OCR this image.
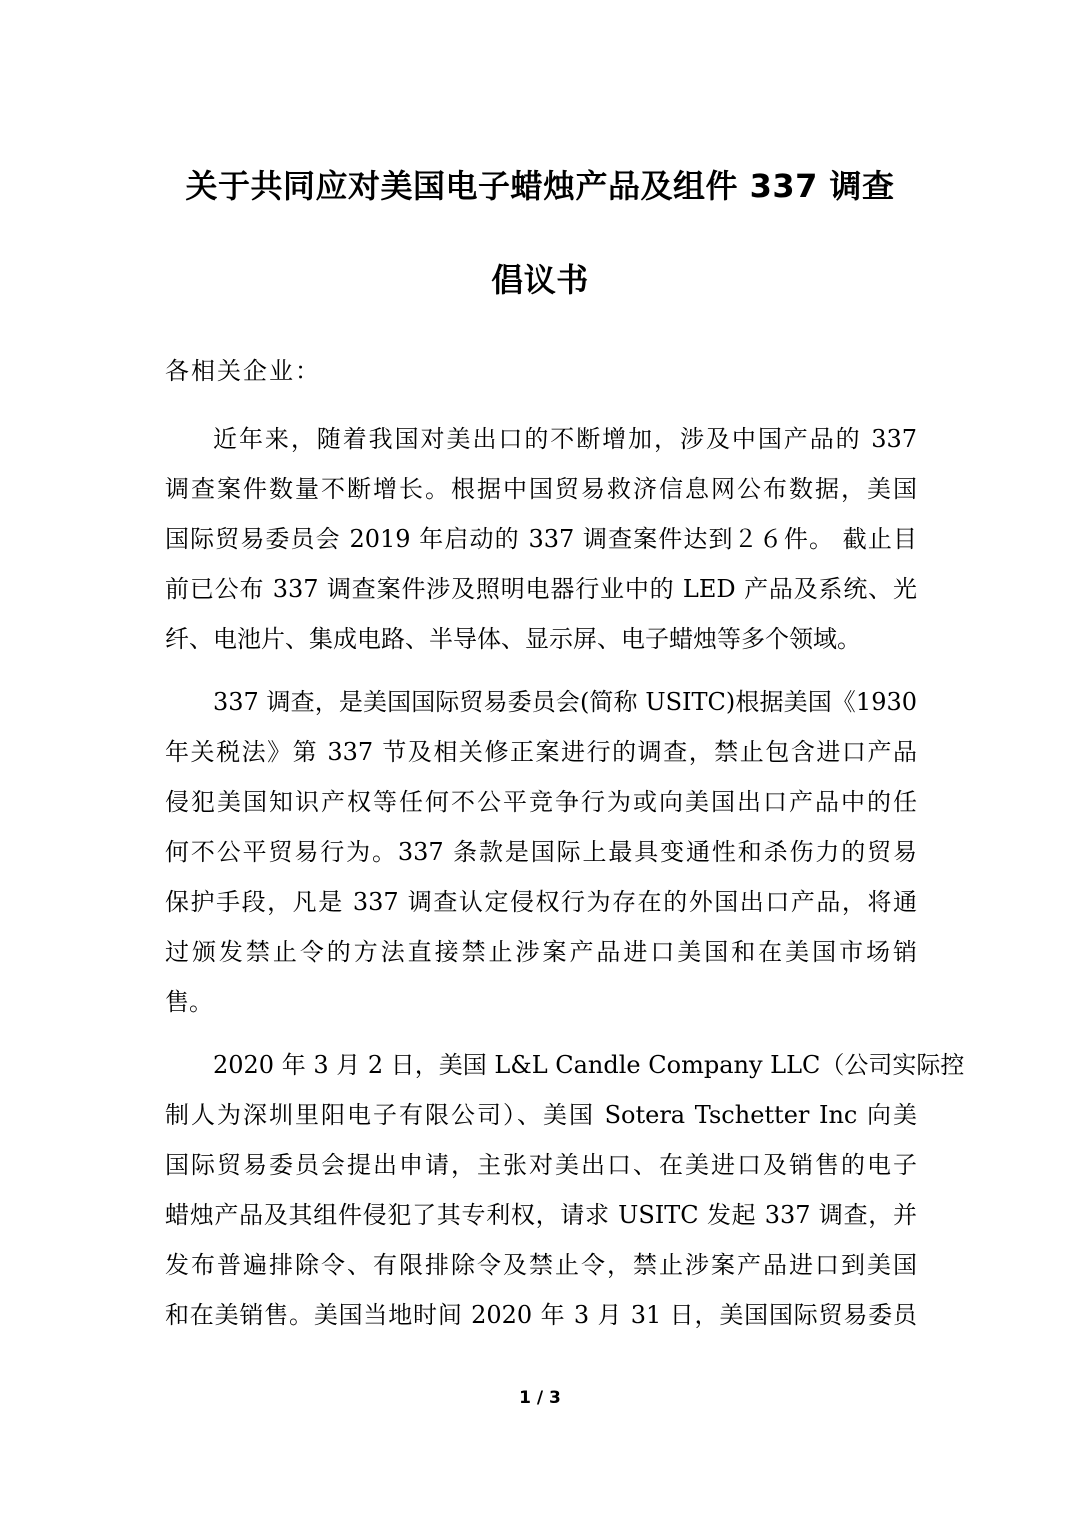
关于共同应对美国电子蜡烛产品及组件 337 调查
倡议书
各相关企业：
近年来，随着我国对美出口的不断增加，涉及中国产品的 337
调查案件数量不断增长。根据中国贸易救济信息网公布数据，美国
国际贸易委员会 2019 年启动的 337 调查案件达到２６件。 截止目
前已公布 337 调查案件涉及照明电器行业中的 LED 产品及系统、光
纤、电池片、集成电路、半导体、显示屏、电子蜡烛等多个领域。
337 调查，是美国国际贸易委员会(简称 USITC)根据美国《1930
年关税法》第 337 节及相关修正案进行的调查，禁止包含进口产品
侵犯美国知识产权等任何不公平竞争行为或向美国出口产品中的任
何不公平贸易行为。337 条款是国际上最具变通性和杀伤力的贸易
保护手段，凡是 337 调查认定侵权行为存在的外国出口产品，将通
过颁发禁止令的方法直接禁止涉案产品进口美国和在美国市场销
售。
2020 年 3 月 2 日，美国 L&L Candle Company LLC（公司实际控
制人为深圳里阳电子有限公司）、美国 Sotera Tschetter Inc 向美
国际贸易委员会提出申请，主张对美出口、在美进口及销售的电子
蜡烛产品及其组件侵犯了其专利权，请求 USITC 发起 337 调查，并
发布普遍排除令、有限排除令及禁止令，禁止涉案产品进口到美国
和在美销售。美国当地时间 2020 年 3 月 31 日，美国国际贸易委员
1 / 3
